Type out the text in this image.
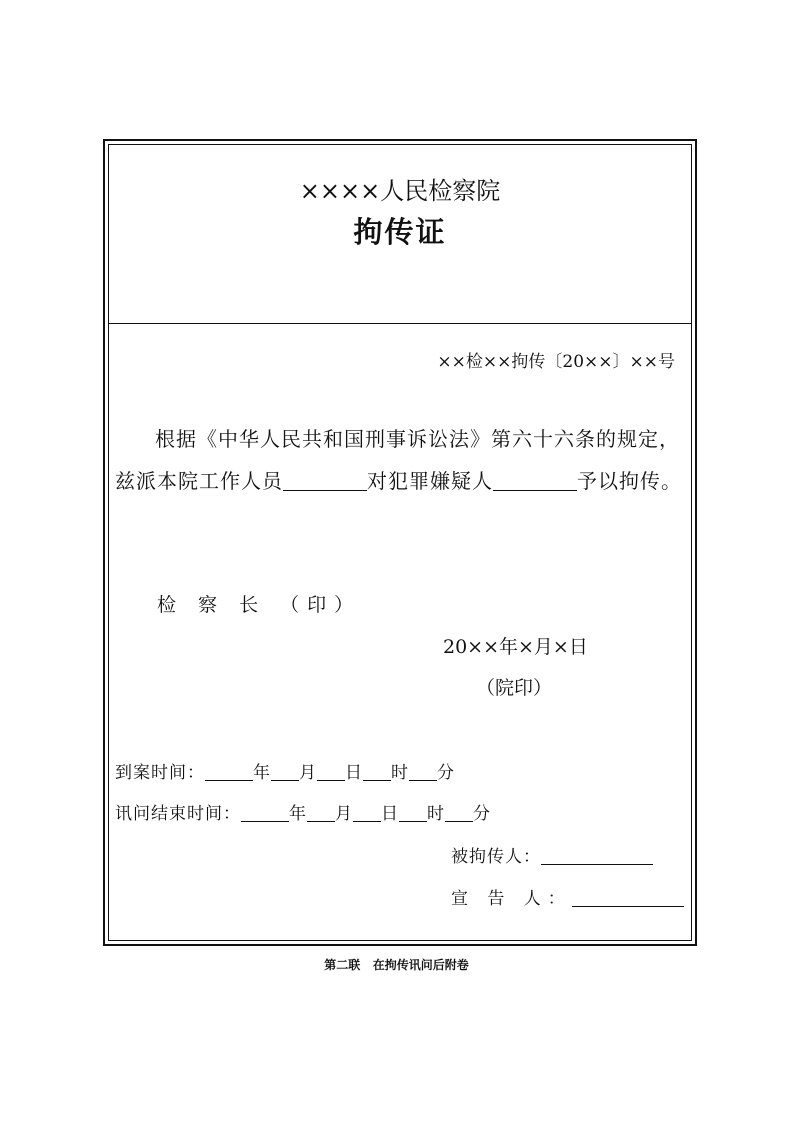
××××人民检察院
拘传证
××检××拘传〔20××〕××号
根据《中华人民共和国刑事诉讼法》第六十六条的规定，
兹派本院工作人员	对犯罪嫌疑人	予以拘传。
检 察 长 （印）
20××年×月×日
（院印）
到案时间：	年 月 日 时 分
讯问结束时间：	年 月 日 时 分
被拘传人：
宣 告 人：
第二联   在拘传讯问后附卷
